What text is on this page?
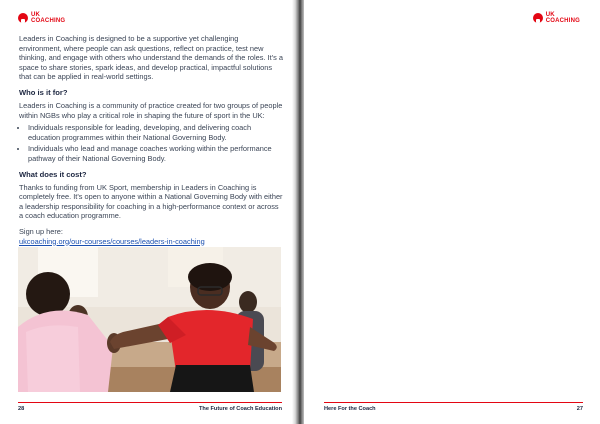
UK
COACHING

Leaders in Coaching is designed to be a supportive yet challenging environment, where people can ask questions, reflect on practice, test new thinking, and engage with others who understand the demands of the roles. It's a space to share stories, spark ideas, and develop practical, impactful solutions that can be applied in real-world settings.

Who is it for?

Leaders in Coaching is a community of practice created for two groups of people within NGBs who play a critical role in shaping the future of sport in the UK:

• Individuals responsible for leading, developing, and delivering coach education programmes within their National Governing Body.
• Individuals who lead and manage coaches working within the performance pathway of their National Governing Body.
What does it cost?

Thanks to funding from UK Sport, membership in Leaders in Coaching is completely free. It's open to anyone within a National Governing Body with either a leadership responsibility for coaching in a high-performance context or across a coach education programme.

Sign up here:
ukcoaching.org/our-courses/courses/leaders-in-coaching

28	The Future of Coach Education
UK
COACHING
Here For the Coach	27
